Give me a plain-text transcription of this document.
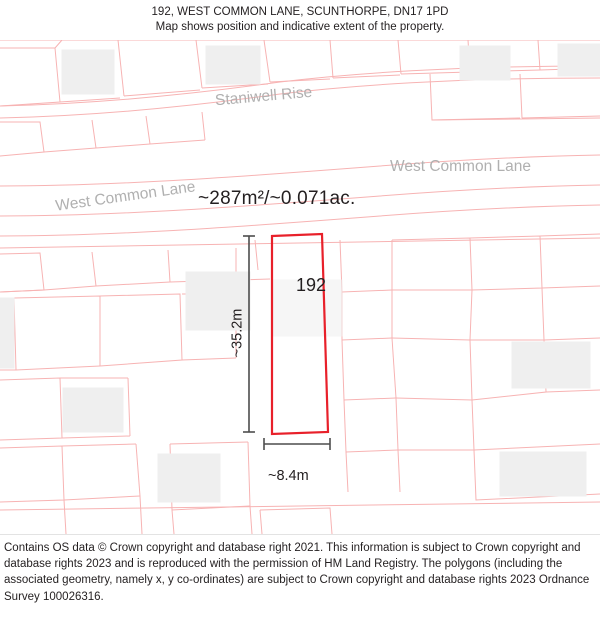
192, WEST COMMON LANE, SCUNTHORPE, DN17 1PD
Map shows position and indicative extent of the property.
Staniwell Rise
West Common Lane
West Common Lane ~287m²/~0.071ac.
192
~35.2m
~8.4m

Contains OS data © Crown copyright and database right 2021. This information is subject to Crown copyright and database rights 2023 and is reproduced with the permission of HM Land Registry. The polygons (including the associated geometry, namely x, y co-ordinates) are subject to Crown copyright and database rights 2023 Ordnance Survey 100026316.
